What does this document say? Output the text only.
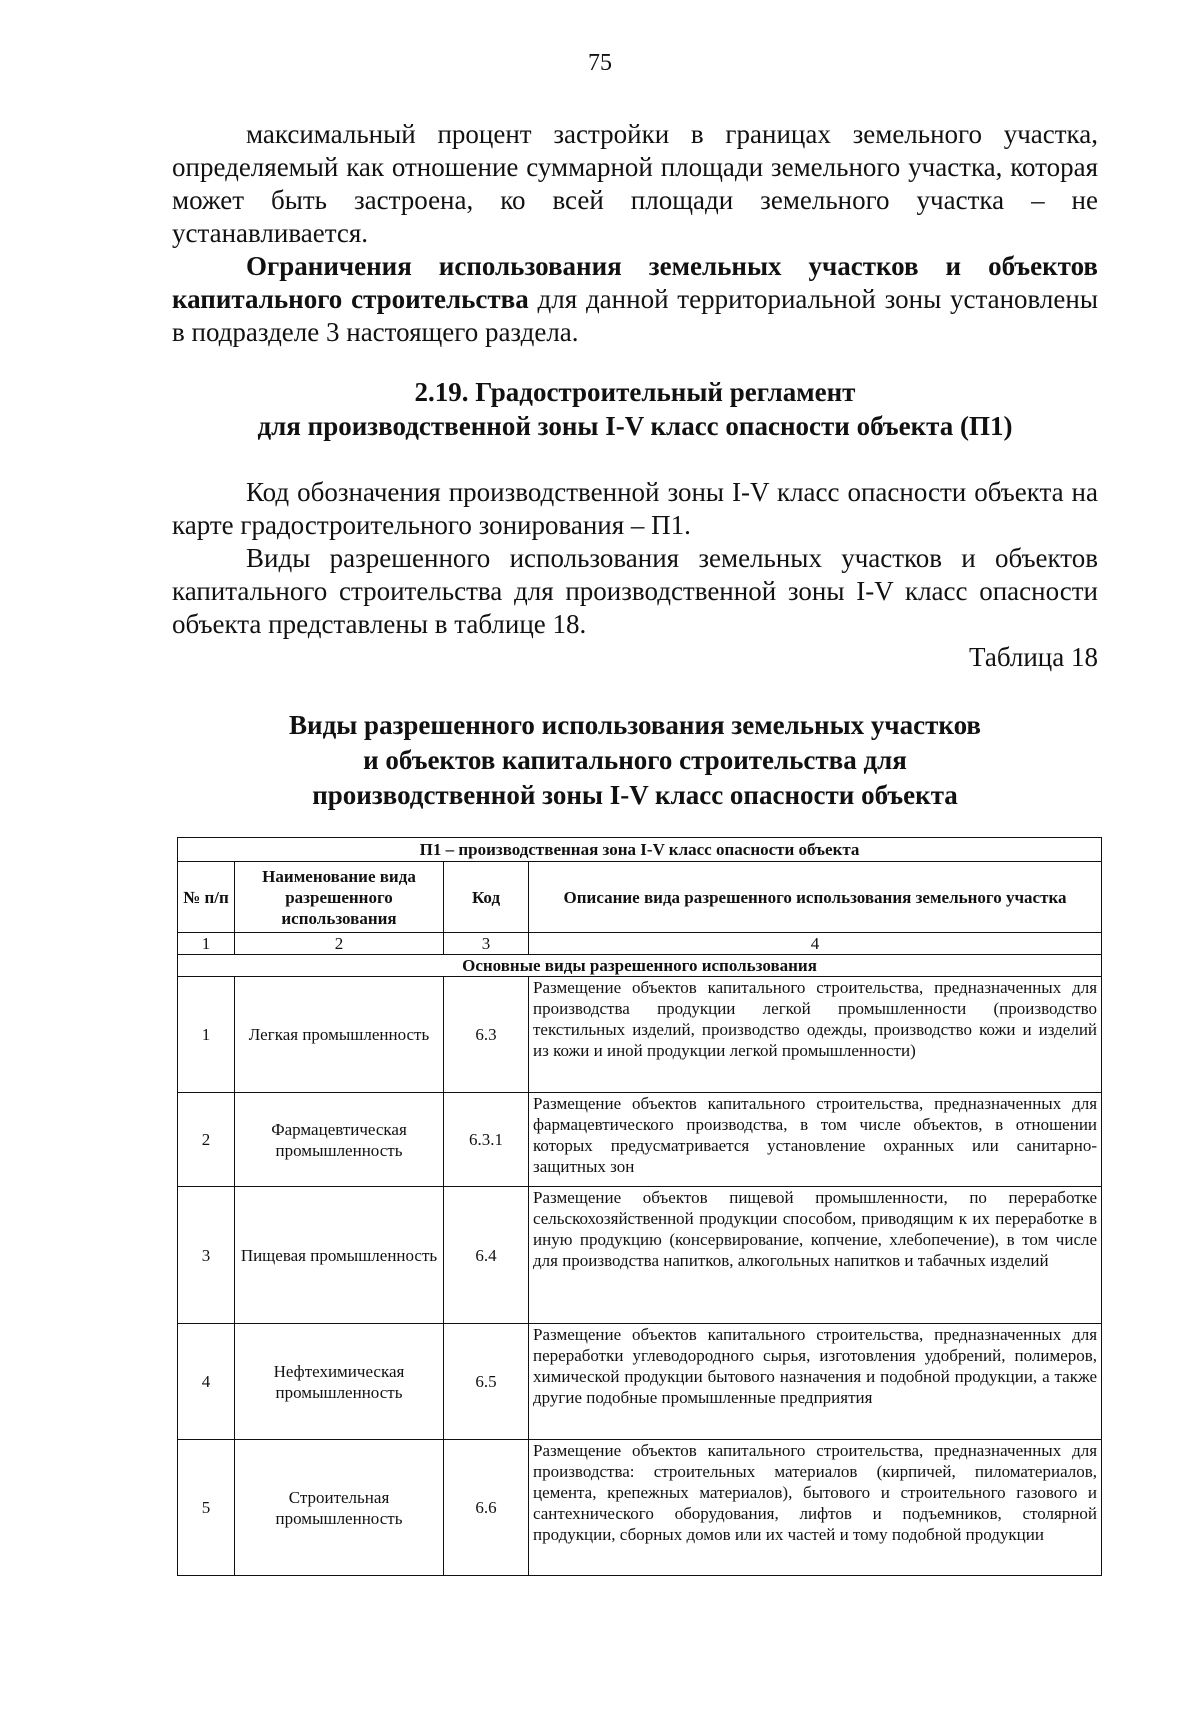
75

максимальный процент застройки в границах земельного участка, определяемый как отношение суммарной площади земельного участка, которая может быть застроена, ко всей площади земельного участка – не устанавливается.

Ограничения использования земельных участков и объектов капитального строительства для данной территориальной зоны установлены в подразделе 3 настоящего раздела.

2.19. Градостроительный регламент
для производственной зоны I-V класс опасности объекта (П1)

Код обозначения производственной зоны I-V класс опасности объекта на карте градостроительного зонирования – П1.

Виды разрешенного использования земельных участков и объектов капитального строительства для производственной зоны I-V класс опасности объекта представлены в таблице 18.

Таблица 18

Виды разрешенного использования земельных участков

и объектов капитального строительства для

производственной зоны I-V класс опасности объекта

П1 – производственная зона I-V класс опасности объекта			
№ п/п	Наименование вида разрешенного использования	Код	Описание вида разрешенного использования земельного участка
1	2	3	4
Основные виды разрешенного использования			
1	Легкая промышленность	6.3	Размещение объектов капитального строительства, предназначенных для производства продукции легкой промышленности (производство текстильных изделий, производство одежды, производство кожи и изделий из кожи и иной продукции легкой промышленности)
2	Фармацевтическая промышленность	6.3.1	Размещение объектов капитального строительства, предназначенных для фармацевтического производства, в том числе объектов, в отношении которых предусматривается установление охранных или санитарно-защитных зон
3	Пищевая промышленность	6.4	Размещение объектов пищевой промышленности, по переработке сельскохозяйственной продукции способом, приводящим к их переработке в иную продукцию (консервирование, копчение, хлебопечение), в том числе для производства напитков, алкогольных напитков и табачных изделий
4	Нефтехимическая промышленность	6.5	Размещение объектов капитального строительства, предназначенных для переработки углеводородного сырья, изготовления удобрений, полимеров, химической продукции бытового назначения и подобной продукции, а также другие подобные промышленные предприятия
5	Строительная промышленность	6.6	Размещение объектов капитального строительства, предназначенных для производства: строительных материалов (кирпичей, пиломатериалов, цемента, крепежных материалов), бытового и строительного газового и сантехнического оборудования, лифтов и подъемников, столярной продукции, сборных домов или их частей и тому подобной продукции
